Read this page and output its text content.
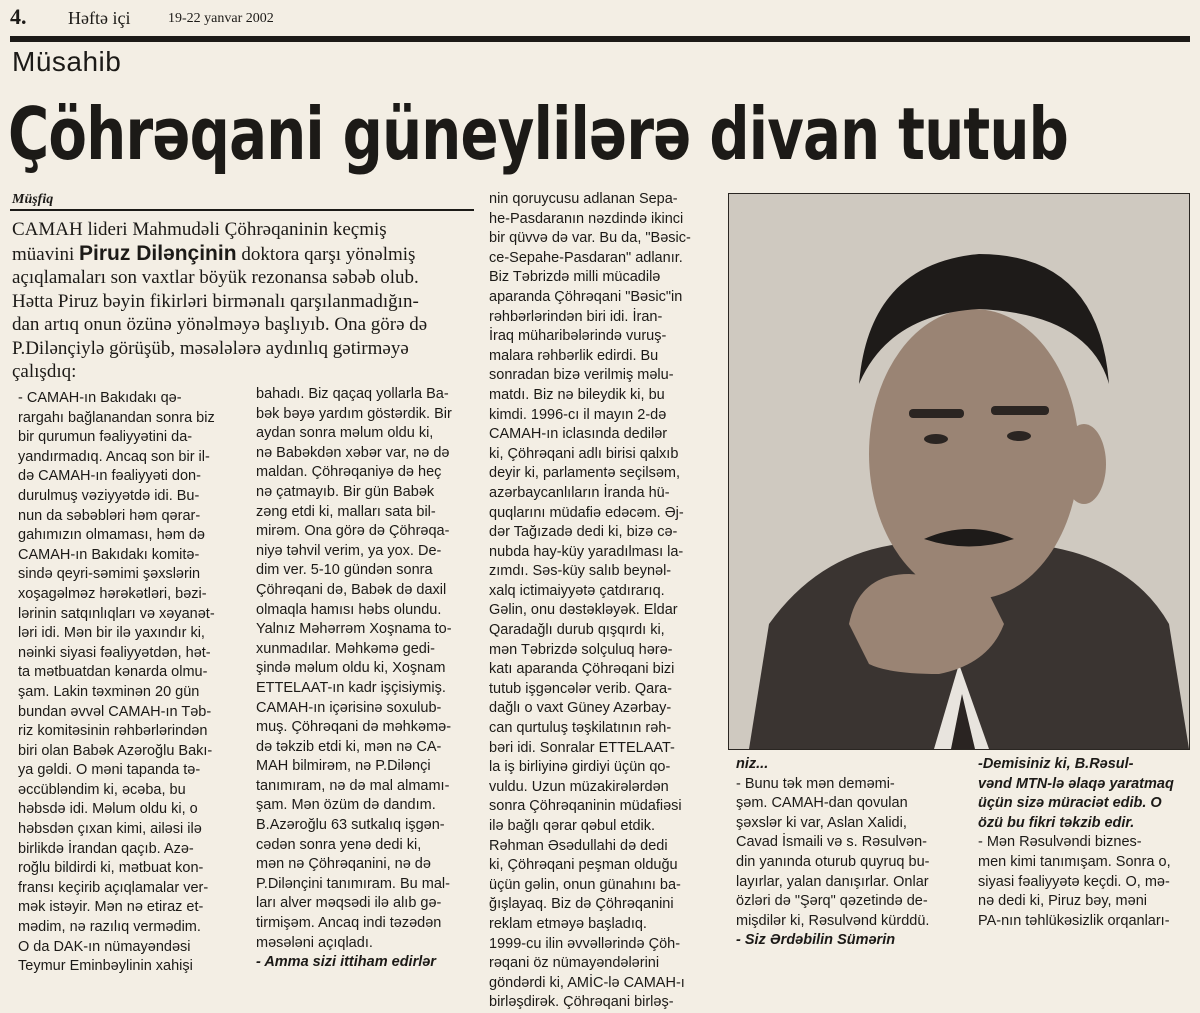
4. Həftə içi	19-22 yanvar 2002
Müsahib
Çöhrəqani güneylilərə divan tutub
Müşfiq
CAMAH lideri Mahmudəli Çöhrəqaninin keçmiş
müavini Piruz Dilənçinin doktora qarşı yönəlmiş
açıqlamaları son vaxtlar böyük rezonansa səbəb olub.
Hətta Piruz bəyin fikirləri birmənalı qarşılanmadığın-
dan artıq onun özünə yönəlməyə başlıyıb. Ona görə də
P.Dilənçiylə görüşüb, məsələlərə aydınlıq gətirməyə
çalışdıq:
- CAMAH-ın Bakıdakı qə-
rargahı bağlanandan sonra biz
bir qurumun fəaliyyətini da-
yandırmadıq. Ancaq son bir il-
də CAMAH-ın fəaliyyəti don-
durulmuş vəziyyətdə idi. Bu-
nun da səbəbləri həm qərar-
gahımızın olmaması, həm də
CAMAH-ın Bakıdakı komitə-
sində qeyri-səmimi şəxslərin
xoşagəlməz hərəkətləri, bəzi-
lərinin satqınlıqları və xəyanət-
ləri idi. Mən bir ilə yaxındır ki,
nəinki siyasi fəaliyyətdən, hət-
ta mətbuatdan kənarda olmu-
şam. Lakin təxminən 20 gün
bundan əvvəl CAMAH-ın Təb-
riz komitəsinin rəhbərlərindən
biri olan Babək Azəroğlu Bakı-
ya gəldi. O məni tapanda tə-
əccübləndim ki, əcəba, bu
həbsdə idi. Məlum oldu ki, o
həbsdən çıxan kimi, ailəsi ilə
birlikdə İrandan qaçıb. Azə-
roğlu bildirdi ki, mətbuat kon-
fransı keçirib açıqlamalar ver-
mək istəyir. Mən nə etiraz et-
mədim, nə razılıq vermədim.
O da DAK-ın nümayəndəsi
Teymur Eminbəylinin xahişi
bahadı. Biz qaçaq yollarla Ba-
bək bəyə yardım göstərdik. Bir
aydan sonra məlum oldu ki,
nə Babəkdən xəbər var, nə də
maldan. Çöhrəqaniyə də heç
nə çatmayıb. Bir gün Babək
zəng etdi ki, malları sata bil-
mirəm. Ona görə də Çöhrəqa-
niyə təhvil verim, ya yox. De-
dim ver. 5-10 gündən sonra
Çöhrəqani də, Babək də daxil
olmaqla hamısı həbs olundu.
Yalnız Məhərrəm Xoşnama to-
xunmadılar. Məhkəmə gedi-
şində məlum oldu ki, Xoşnam
ETTELAAT-ın kadr işçisiymiş.
CAMAH-ın içərisinə soxulub-
muş. Çöhrəqani də məhkəmə-
də təkzib etdi ki, mən nə CA-
MAH bilmirəm, nə P.Dilənçi
tanımıram, nə də mal almamı-
şam. Mən özüm də dandım.
B.Azəroğlu 63 sutkalıq işgən-
cədən sonra yenə dedi ki,
mən nə Çöhrəqanini, nə də
P.Dilənçini tanımıram. Bu mal-
ları alver məqsədi ilə alıb gə-
tirmişəm. Ancaq indi təzədən
məsələni açıqladı.
- Amma sizi ittiham edirlər
nin qoruycusu adlanan Sepa-
he-Pasdaranın nəzdində ikinci
bir qüvvə də var. Bu da, "Bəsic-
ce-Sepahe-Pasdaran" adlanır.
Biz Təbrizdə milli mücadilə
aparanda Çöhrəqani "Bəsic"in
rəhbərlərindən biri idi. İran-
İraq müharibələrində vuruş-
malara rəhbərlik edirdi. Bu
sonradan bizə verilmiş məlu-
matdı. Biz nə bileydik ki, bu
kimdi. 1996-cı il mayın 2-də
CAMAH-ın iclasında dedilər
ki, Çöhrəqani adlı birisi qalxıb
deyir ki, parlamentə seçilsəm,
azərbaycanlıların İranda hü-
quqlarını müdafiə edəcəm. Əj-
dər Tağızadə dedi ki, bizə cə-
nubda hay-küy yaradılması la-
zımdı. Səs-küy salıb beynəl-
xalq ictimaiyyətə çatdırarıq.
Gəlin, onu dəstəkləyək. Eldar
Qaradağlı durub qışqırdı ki,
mən Təbrizdə solçuluq hərə-
katı aparanda Çöhrəqani bizi
tutub işgəncələr verib. Qara-
dağlı o vaxt Güney Azərbay-
can qurtuluş təşkilatının rəh-
bəri idi. Sonralar ETTELAAT-
la iş birliyinə girdiyi üçün qo-
vuldu. Uzun müzakirələrdən
sonra Çöhrəqaninin müdafiəsi
ilə bağlı qərar qəbul etdik.
Rəhman Əsədullahi də dedi
ki, Çöhrəqani peşman olduğu
üçün gəlin, onun günahını ba-
ğışlayaq. Biz də Çöhrəqanini
reklam etməyə başladıq.
1999-cu ilin əvvəllərində Çöh-
rəqani öz nümayəndələrini
göndərdi ki, AMİC-lə CAMAH-ı
birləşdirək. Çöhrəqani birləş-
niz...
- Bunu tək mən deməmi-
şəm. CAMAH-dan qovulan
şəxslər ki var, Aslan Xalidi,
Cavad İsmaili və s. Rəsulvən-
din yanında oturub quyruq bu-
layırlar, yalan danışırlar. Onlar
özləri də "Şərq" qəzetində de-
mişdilər ki, Rəsulvənd kürddü.
- Siz Ərdəbilin Sümərin
-Demisiniz ki, B.Rəsul-
vənd MTN-lə əlaqə yaratmaq
üçün sizə müraciət edib. O
özü bu fikri təkzib edir.
- Mən Rəsulvəndi biznes-
men kimi tanımışam. Sonra o,
siyasi fəaliyyətə keçdi. O, mə-
nə dedi ki, Piruz bəy, məni
PA-nın təhlükəsizlik orqanları-
